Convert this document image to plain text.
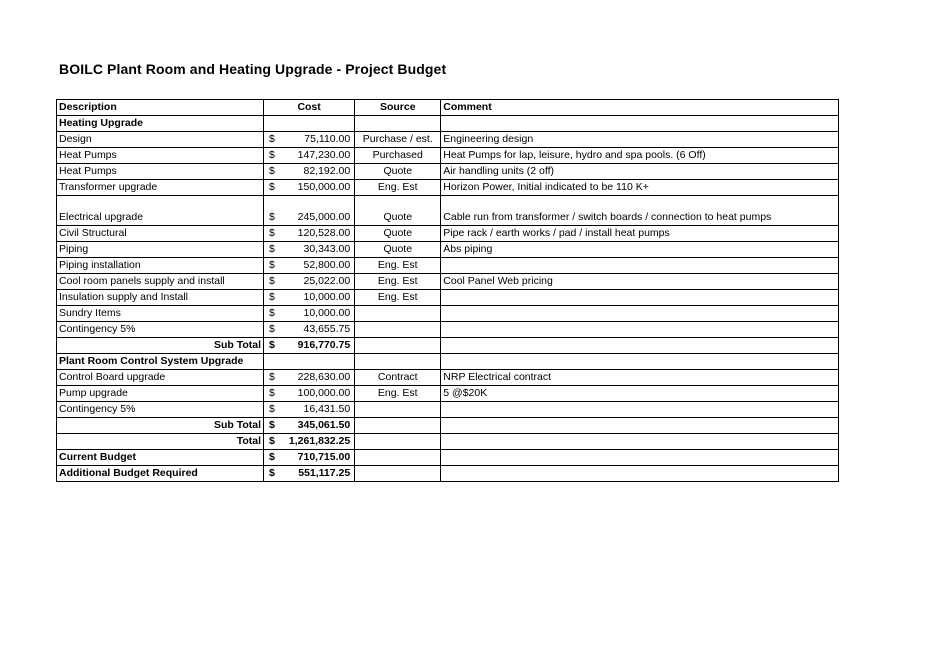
BOILC Plant Room and Heating Upgrade - Project Budget
Description	Cost	Source	Comment
Heating Upgrade			
Design	$ 75,110.00	Purchase / est.	Engineering design
Heat Pumps	$ 147,230.00	Purchased	Heat Pumps for lap, leisure, hydro and spa pools. (6 Off)
Heat Pumps	$ 82,192.00	Quote	Air handling units (2 off)
Transformer upgrade	$ 150,000.00	Eng. Est	Horizon Power, Initial indicated to be 110 K+
Electrical upgrade	$ 245,000.00	Quote	Cable run from transformer / switch boards / connection to heat pumps
Civil Structural	$ 120,528.00	Quote	Pipe rack / earth works / pad / install heat pumps
Piping	$ 30,343.00	Quote	Abs piping
Piping installation	$ 52,800.00	Eng. Est	
Cool room panels supply and install	$ 25,022.00	Eng. Est	Cool Panel Web pricing
Insulation supply and Install	$ 10,000.00	Eng. Est	
Sundry Items	$ 10,000.00		

Contingency 5%	$ 43,655.75		

Sub Total	$ 916,770.75		

Plant Room Control System Upgrade			
Control Board upgrade	$ 228,630.00	Contract	NRP Electrical contract
Pump upgrade	$ 100,000.00	Eng. Est	5 @$20K
Contingency 5%	$ 16,431.50		

Sub Total	$ 345,061.50		

Total	$ 1,261,832.25		

Current Budget	$ 710,715.00		

Additional Budget Required	$ 551,117.25		
